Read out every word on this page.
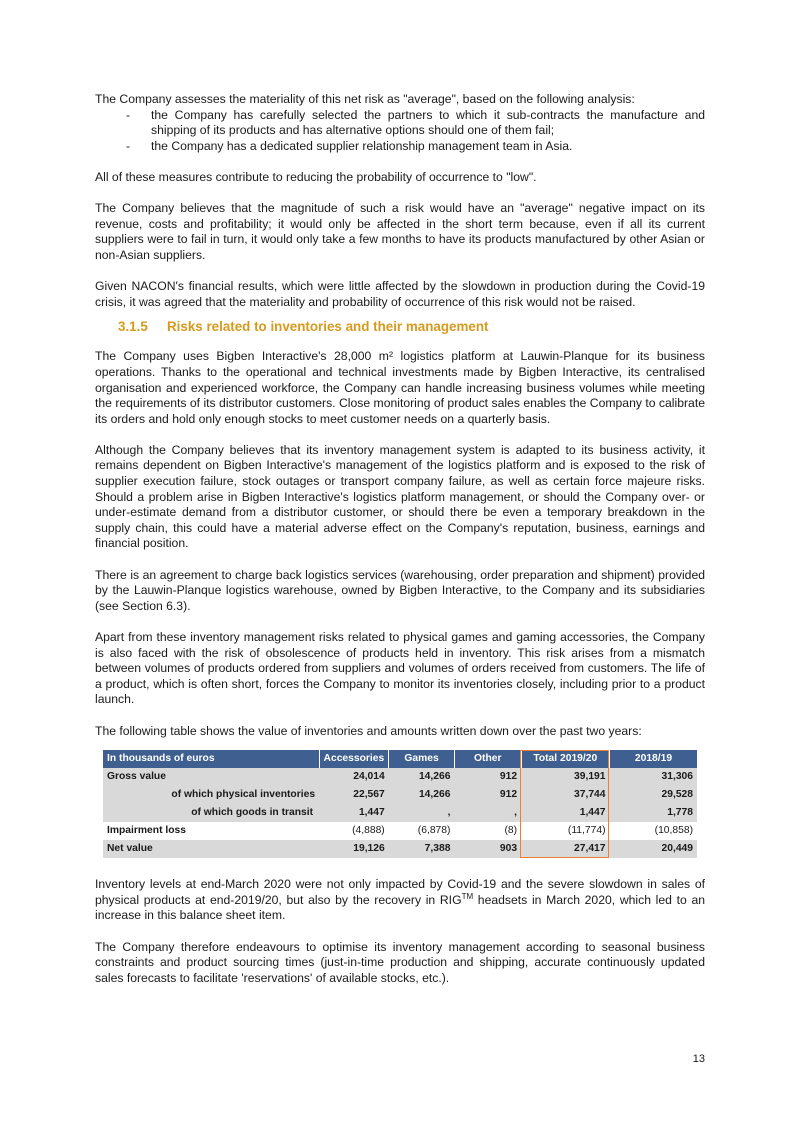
The Company assesses the materiality of this net risk as "average", based on the following analysis:

- the Company has carefully selected the partners to which it sub-contracts the manufacture and shipping of its products and has alternative options should one of them fail;
- the Company has a dedicated supplier relationship management team in Asia.

All of these measures contribute to reducing the probability of occurrence to "low".

The Company believes that the magnitude of such a risk would have an "average" negative impact on its revenue, costs and profitability; it would only be affected in the short term because, even if all its current suppliers were to fail in turn, it would only take a few months to have its products manufactured by other Asian or non-Asian suppliers.

Given NACON's financial results, which were little affected by the slowdown in production during the Covid-19 crisis, it was agreed that the materiality and probability of occurrence of this risk would not be raised.

3.1.5 Risks related to inventories and their management

The Company uses Bigben Interactive's 28,000 m² logistics platform at Lauwin-Planque for its business operations. Thanks to the operational and technical investments made by Bigben Interactive, its centralised organisation and experienced workforce, the Company can handle increasing business volumes while meeting the requirements of its distributor customers. Close monitoring of product sales enables the Company to calibrate its orders and hold only enough stocks to meet customer needs on a quarterly basis.

Although the Company believes that its inventory management system is adapted to its business activity, it remains dependent on Bigben Interactive's management of the logistics platform and is exposed to the risk of supplier execution failure, stock outages or transport company failure, as well as certain force majeure risks. Should a problem arise in Bigben Interactive's logistics platform management, or should the Company over- or under-estimate demand from a distributor customer, or should there be even a temporary breakdown in the supply chain, this could have a material adverse effect on the Company's reputation, business, earnings and financial position.

There is an agreement to charge back logistics services (warehousing, order preparation and shipment) provided by the Lauwin-Planque logistics warehouse, owned by Bigben Interactive, to the Company and its subsidiaries (see Section 6.3).

Apart from these inventory management risks related to physical games and gaming accessories, the Company is also faced with the risk of obsolescence of products held in inventory. This risk arises from a mismatch between volumes of products ordered from suppliers and volumes of orders received from customers. The life of a product, which is often short, forces the Company to monitor its inventories closely, including prior to a product launch.

The following table shows the value of inventories and amounts written down over the past two years:

In thousands of euros	Accessories	Games	Other	Total 2019/20	2018/19
Gross value	24,014	14,266	912	39,191	31,306
of which physical inventories	22,567	14,266	912	37,744	29,528
of which goods in transit	1,447	,	,	1,447	1,778
Impairment loss	(4,888)	(6,878)	(8)	(11,774)	(10,858)
Net value	19,126	7,388	903	27,417	20,449

Inventory levels at end-March 2020 were not only impacted by Covid-19 and the severe slowdown in sales of physical products at end-2019/20, but also by the recovery in RIG™ headsets in March 2020, which led to an increase in this balance sheet item.

The Company therefore endeavours to optimise its inventory management according to seasonal business constraints and product sourcing times (just-in-time production and shipping, accurate continuously updated sales forecasts to facilitate 'reservations' of available stocks, etc.).

13
